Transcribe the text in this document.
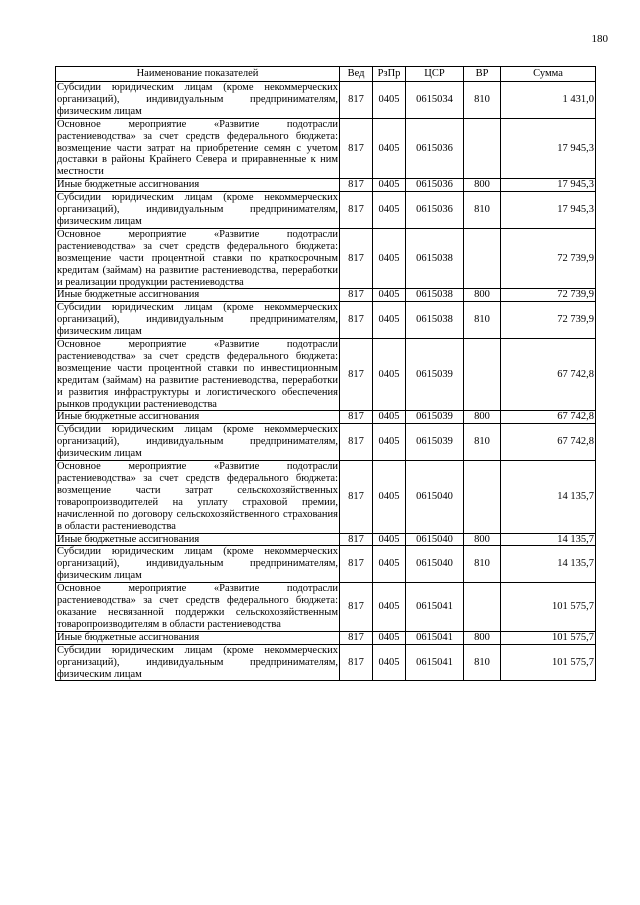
180
Наименование показателей	Вед	РзПр	ЦСР	ВР	Сумма
Субсидии юридическим лицам (кроме некоммерческих организаций), индивидуальным предпринимателям, физическим лицам	817	0405	0615034	810	1 431,0
Основное мероприятие «Развитие подотрасли растениеводства» за счет средств федерального бюджета: возмещение части затрат на приобретение семян с учетом доставки в районы Крайнего Севера и приравненные к ним местности	817	0405	0615036		17 945,3
Иные бюджетные ассигнования	817	0405	0615036	800	17 945,3
Субсидии юридическим лицам (кроме некоммерческих организаций), индивидуальным предпринимателям, физическим лицам	817	0405	0615036	810	17 945,3
Основное мероприятие «Развитие подотрасли растениеводства» за счет средств федерального бюджета: возмещение части процентной ставки по краткосрочным кредитам (займам) на развитие растениеводства, переработки и реализации продукции растениеводства	817	0405	0615038		72 739,9
Иные бюджетные ассигнования	817	0405	0615038	800	72 739,9
Субсидии юридическим лицам (кроме некоммерческих организаций), индивидуальным предпринимателям, физическим лицам	817	0405	0615038	810	72 739,9
Основное мероприятие «Развитие подотрасли растениеводства» за счет средств федерального бюджета: возмещение части процентной ставки по инвестиционным кредитам (займам) на развитие растениеводства, переработки и развития инфраструктуры и логистического обеспечения рынков продукции растениеводства	817	0405	0615039		67 742,8
Иные бюджетные ассигнования	817	0405	0615039	800	67 742,8
Субсидии юридическим лицам (кроме некоммерческих организаций), индивидуальным предпринимателям, физическим лицам	817	0405	0615039	810	67 742,8
Основное мероприятие «Развитие подотрасли растениеводства» за счет средств федерального бюджета: возмещение части затрат сельскохозяйственных товаропроизводителей на уплату страховой премии, начисленной по договору сельскохозяйственного страхования в области растениеводства	817	0405	0615040		14 135,7
Иные бюджетные ассигнования	817	0405	0615040	800	14 135,7
Субсидии юридическим лицам (кроме некоммерческих организаций), индивидуальным предпринимателям, физическим лицам	817	0405	0615040	810	14 135,7
Основное мероприятие «Развитие подотрасли растениеводства» за счет средств федерального бюджета: оказание несвязанной поддержки сельскохозяйственным товаропроизводителям в области растениеводства	817	0405	0615041		101 575,7
Иные бюджетные ассигнования	817	0405	0615041	800	101 575,7
Субсидии юридическим лицам (кроме некоммерческих организаций), индивидуальным предпринимателям, физическим лицам	817	0405	0615041	810	101 575,7
